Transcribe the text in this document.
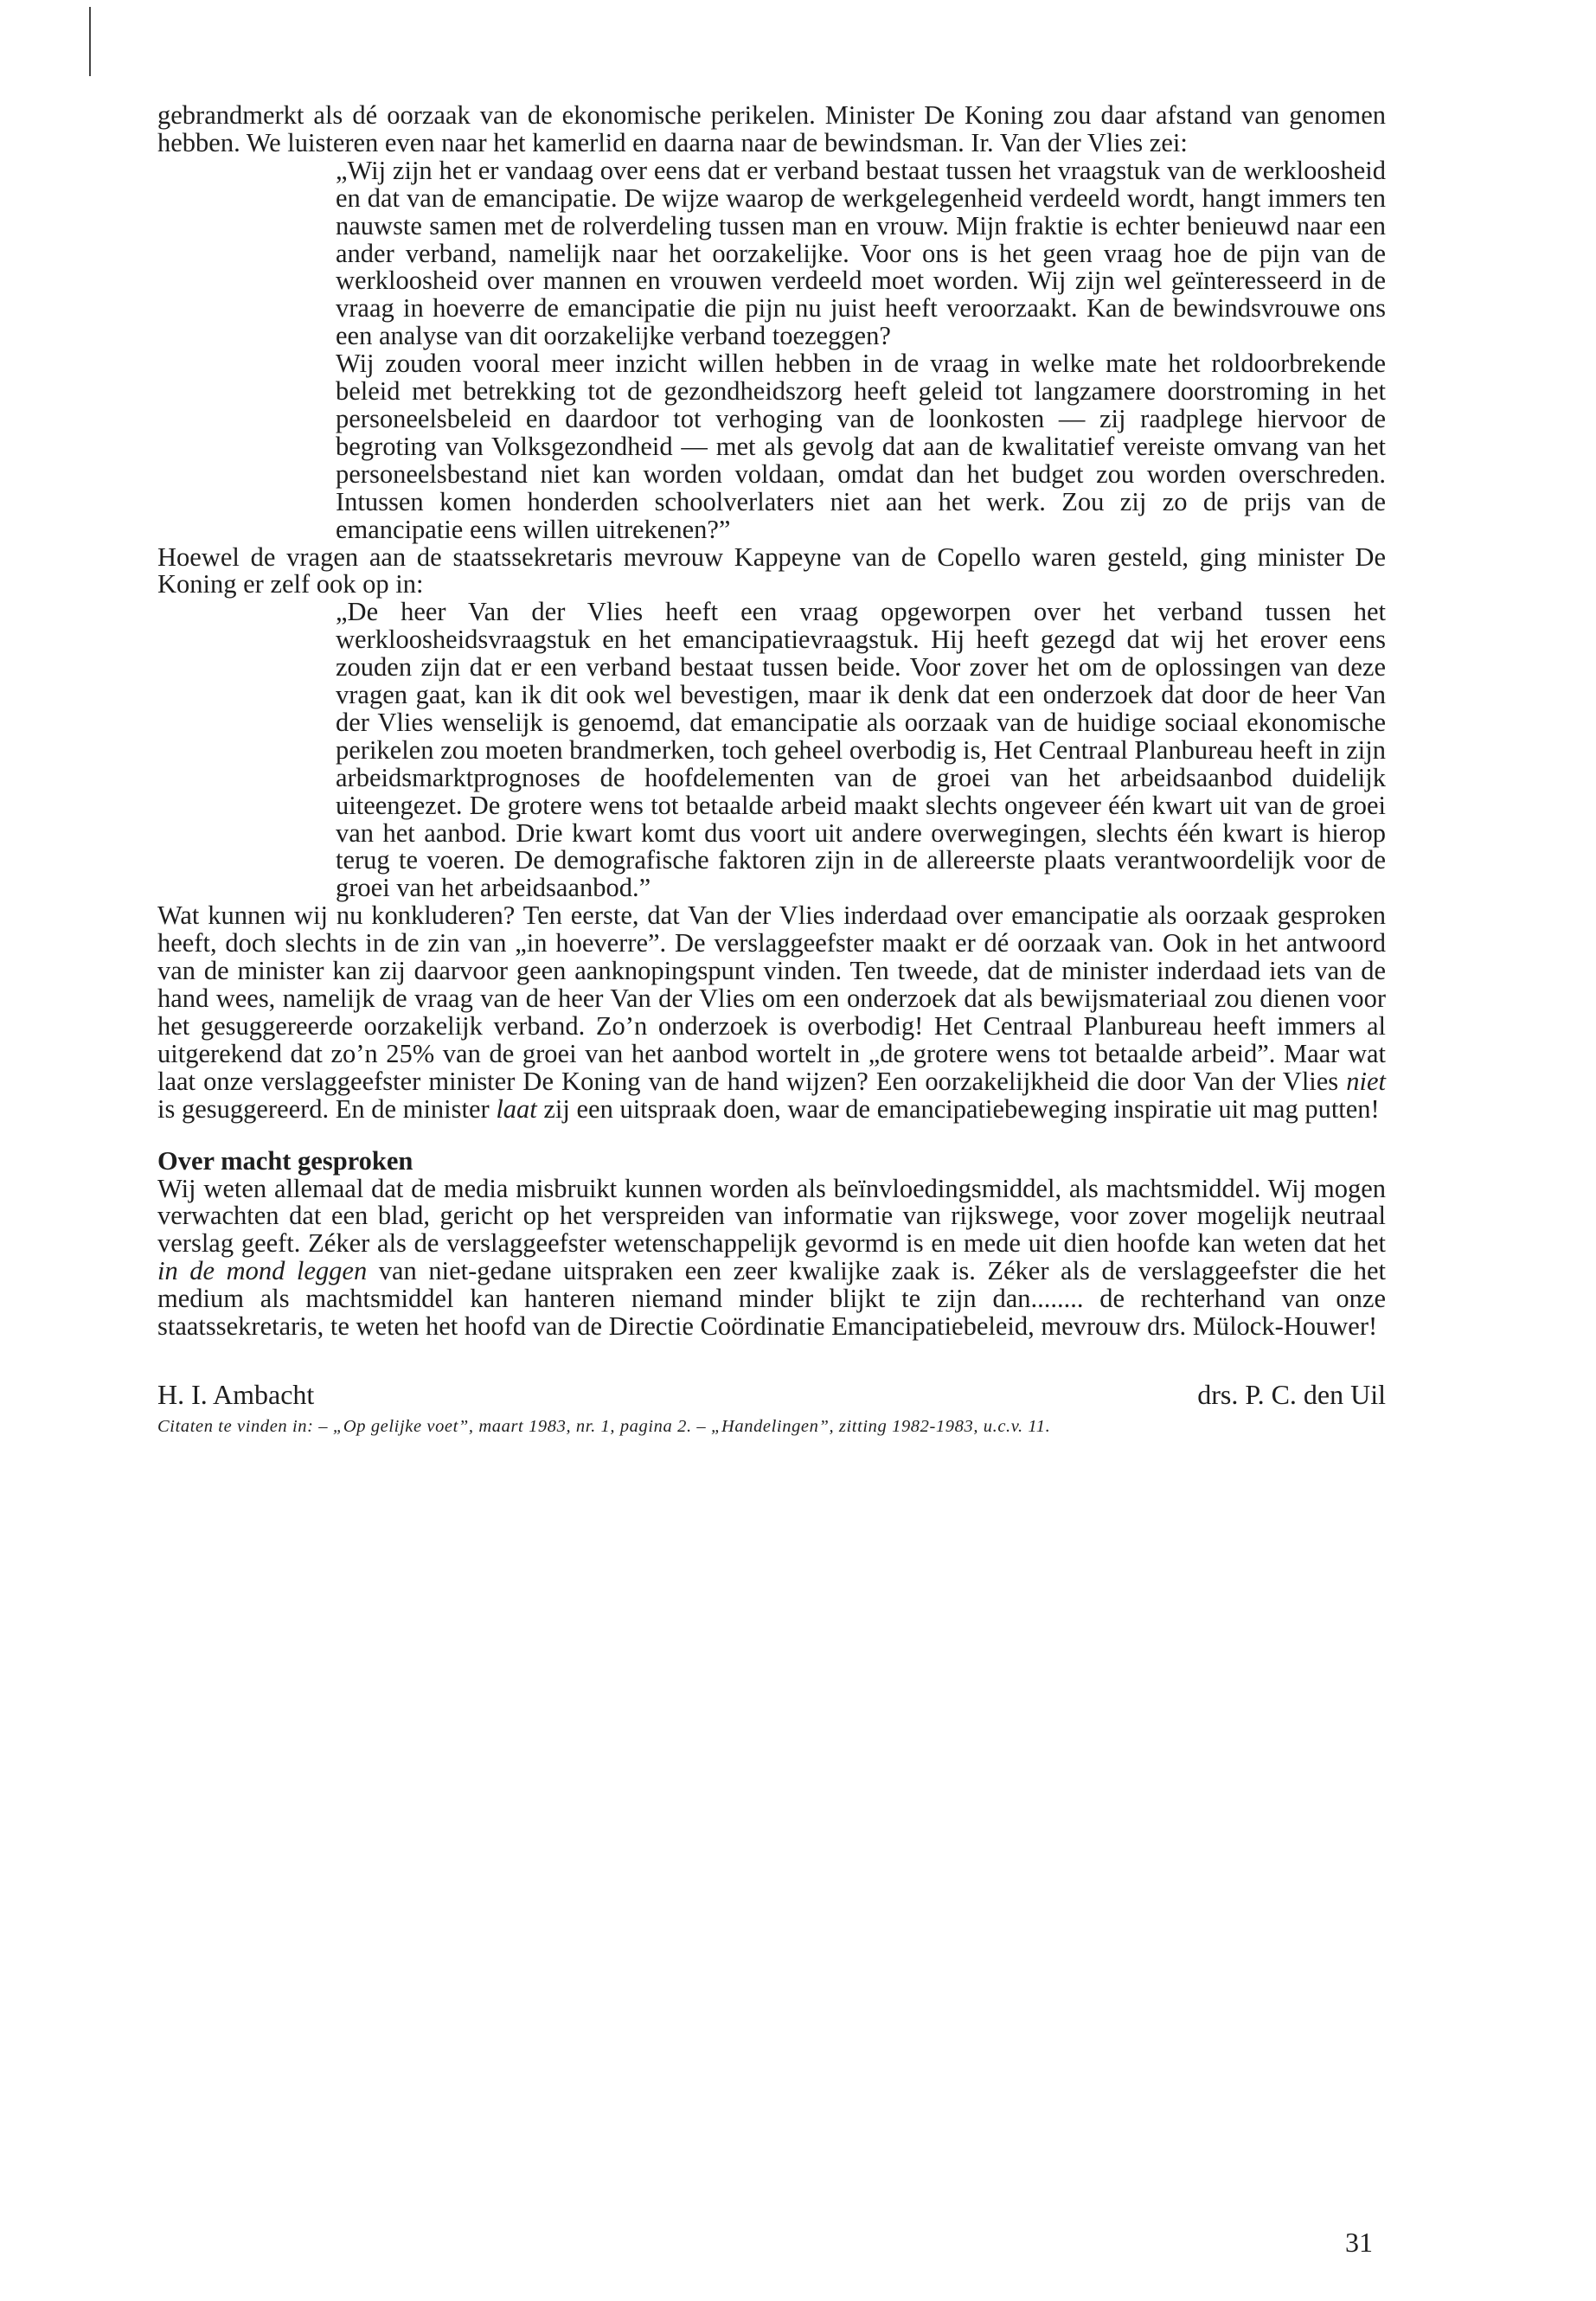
gebrandmerkt als dé oorzaak van de ekonomische perikelen. Minister De Koning zou daar afstand van genomen hebben. We luisteren even naar het kamerlid en daarna naar de bewindsman. Ir. Van der Vlies zei:

„Wij zijn het er vandaag over eens dat er verband bestaat tussen het vraagstuk van de werkloosheid en dat van de emancipatie. De wijze waarop de werkgelegenheid verdeeld wordt, hangt immers ten nauwste samen met de rolverdeling tussen man en vrouw. Mijn fraktie is echter benieuwd naar een ander verband, namelijk naar het oorzakelijke. Voor ons is het geen vraag hoe de pijn van de werkloosheid over mannen en vrouwen verdeeld moet worden. Wij zijn wel geïnteresseerd in de vraag in hoeverre de emancipatie die pijn nu juist heeft veroorzaakt. Kan de bewindsvrouwe ons een analyse van dit oorzakelijke verband toezeggen?

Wij zouden vooral meer inzicht willen hebben in de vraag in welke mate het roldoorbrekende beleid met betrekking tot de gezondheidszorg heeft geleid tot langzamere doorstroming in het personeelsbeleid en daardoor tot verhoging van de loonkosten — zij raadplege hiervoor de begroting van Volksgezondheid — met als gevolg dat aan de kwalitatief vereiste omvang van het personeelsbestand niet kan worden voldaan, omdat dan het budget zou worden overschreden. Intussen komen honderden schoolverlaters niet aan het werk. Zou zij zo de prijs van de emancipatie eens willen uitrekenen?”

Hoewel de vragen aan de staatssekretaris mevrouw Kappeyne van de Copello waren gesteld, ging minister De Koning er zelf ook op in:

„De heer Van der Vlies heeft een vraag opgeworpen over het verband tussen het werkloosheidsvraagstuk en het emancipatievraagstuk. Hij heeft gezegd dat wij het erover eens zouden zijn dat er een verband bestaat tussen beide. Voor zover het om de oplossingen van deze vragen gaat, kan ik dit ook wel bevestigen, maar ik denk dat een onderzoek dat door de heer Van der Vlies wenselijk is genoemd, dat emancipatie als oorzaak van de huidige sociaal ekonomische perikelen zou moeten brandmerken, toch geheel overbodig is, Het Centraal Planbureau heeft in zijn arbeidsmarktprognoses de hoofdelementen van de groei van het arbeidsaanbod duidelijk uiteengezet. De grotere wens tot betaalde arbeid maakt slechts ongeveer één kwart uit van de groei van het aanbod. Drie kwart komt dus voort uit andere overwegingen, slechts één kwart is hierop terug te voeren. De demografische faktoren zijn in de allereerste plaats verantwoordelijk voor de groei van het arbeidsaanbod.”

Wat kunnen wij nu konkluderen? Ten eerste, dat Van der Vlies inderdaad over emancipatie als oorzaak gesproken heeft, doch slechts in de zin van „in hoeverre”. De verslaggeefster maakt er dé oorzaak van. Ook in het antwoord van de minister kan zij daarvoor geen aanknopingspunt vinden. Ten tweede, dat de minister inderdaad iets van de hand wees, namelijk de vraag van de heer Van der Vlies om een onderzoek dat als bewijsmateriaal zou dienen voor het gesuggereerde oorzakelijk verband. Zo’n onderzoek is overbodig! Het Centraal Planbureau heeft immers al uitgerekend dat zo’n 25% van de groei van het aanbod wortelt in „de grotere wens tot betaalde arbeid”. Maar wat laat onze verslaggeefster minister De Koning van de hand wijzen? Een oorzakelijkheid die door Van der Vlies niet is gesuggereerd. En de minister laat zij een uitspraak doen, waar de emancipatiebeweging inspiratie uit mag putten!

Over macht gesproken

Wij weten allemaal dat de media misbruikt kunnen worden als beïnvloedingsmiddel, als machtsmiddel. Wij mogen verwachten dat een blad, gericht op het verspreiden van informatie van rijkswege, voor zover mogelijk neutraal verslag geeft. Zéker als de verslaggeefster wetenschappelijk gevormd is en mede uit dien hoofde kan weten dat het in de mond leggen van niet-gedane uitspraken een zeer kwalijke zaak is. Zéker als de verslaggeefster die het medium als machtsmiddel kan hanteren niemand minder blijkt te zijn dan........ de rechterhand van onze staatssekretaris, te weten het hoofd van de Directie Coördinatie Emancipatiebeleid, mevrouw drs. Mülock-Houwer!

H. I. Ambacht	drs. P. C. den Uil
Citaten te vinden in: – „Op gelijke voet”, maart 1983, nr. 1, pagina 2. – „Handelingen”, zitting 1982-1983, u.c.v. 11.
31
